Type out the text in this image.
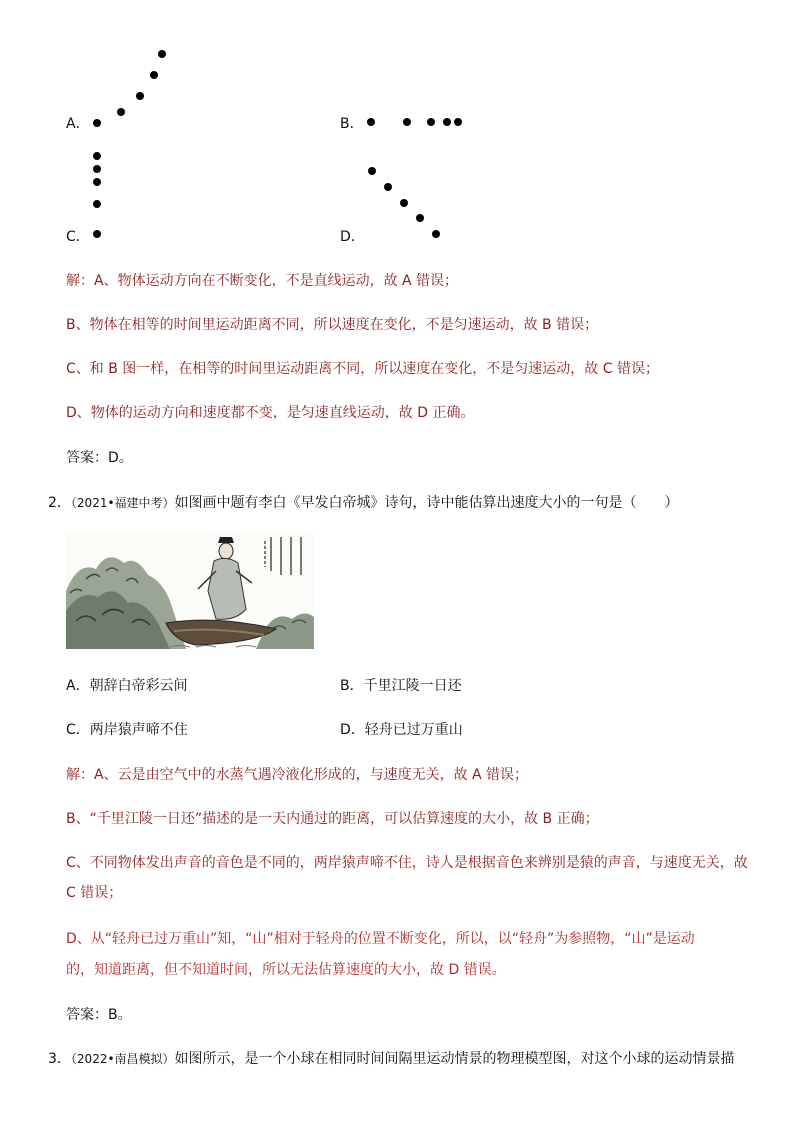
A．	B．
C．	D．
解：A、物体运动方向在不断变化，不是直线运动，故 A 错误；
B、物体在相等的时间里运动距离不同，所以速度在变化，不是匀速运动，故 B 错误；
C、和 B 图一样，在相等的时间里运动距离不同，所以速度在变化，不是匀速运动，故 C 错误；
D、物体的运动方向和速度都不变，是匀速直线运动，故 D 正确。
答案：D。
2．（2021•福建中考）如图画中题有李白《早发白帝城》诗句，诗中能估算出速度大小的一句是（　　）
A．朝辞白帝彩云间	B．千里江陵一日还
C．两岸猿声啼不住	D．轻舟已过万重山
解：A、云是由空气中的水蒸气遇冷液化形成的，与速度无关，故 A 错误；
B、“千里江陵一日还”描述的是一天内通过的距离，可以估算速度的大小，故 B 正确；
C、不同物体发出声音的音色是不同的，两岸猿声啼不住，诗人是根据音色来辨别是猿的声音，与速度无关，故
C 错误；
D、从“轻舟已过万重山”知，“山”相对于轻舟的位置不断变化，所以，以“轻舟”为参照物，“山”是运动
的，知道距离，但不知道时间，所以无法估算速度的大小，故 D 错误。
答案：B。
3．（2022•南昌模拟）如图所示，是一个小球在相同时间间隔里运动情景的物理模型图，对这个小球的运动情景描
